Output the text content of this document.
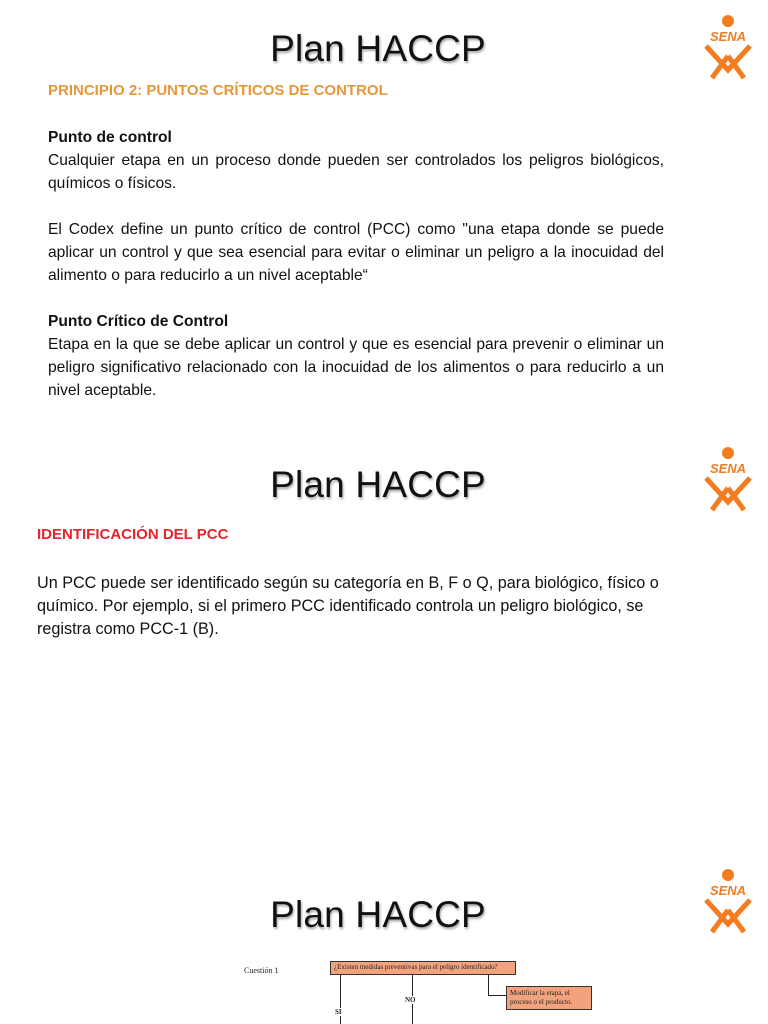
Plan HACCP	SENA
PRINCIPIO 2: PUNTOS CRÍTICOS DE CONTROL
Punto de control

Cualquier etapa en un proceso donde pueden ser controlados los peligros biológicos, químicos o físicos.

El Codex define un punto crítico de control (PCC) como "una etapa donde se puede aplicar un control y que sea esencial para evitar o eliminar un peligro a la inocuidad del alimento o para reducirlo a un nivel aceptable“

Punto Crítico de Control

Etapa en la que se debe aplicar un control y que es esencial para prevenir o eliminar un peligro significativo relacionado con la inocuidad de los alimentos o para reducirlo a un nivel aceptable.

Plan HACCP	SENA
IDENTIFICACIÓN DEL PCC
Un PCC puede ser identificado según su categoría en B, F o Q, para biológico, físico o químico. Por ejemplo, si el primero PCC identificado controla un peligro biológico, se registra como PCC-1 (B).
Plan HACCP
SENA
Cuestión 1	¿Existen medidas preventivas para el peligro identificado?
NO
SI
Modificar la etapa, el proceso o el producto.
